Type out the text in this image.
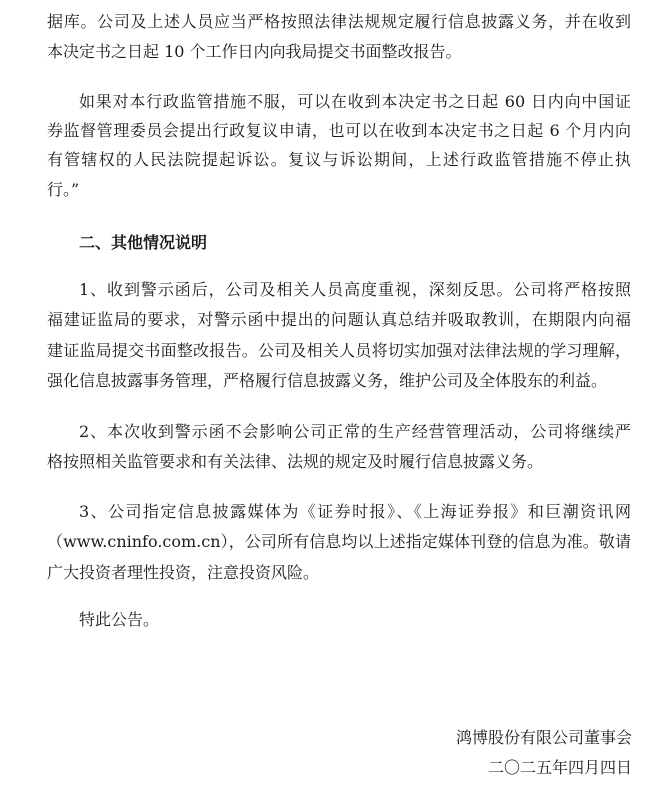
据库。公司及上述人员应当严格按照法律法规规定履行信息披露义务，并在收到
本决定书之日起 10 个工作日内向我局提交书面整改报告。
如果对本行政监管措施不服，可以在收到本决定书之日起 60 日内向中国证
券监督管理委员会提出行政复议申请，也可以在收到本决定书之日起 6 个月内向
有管辖权的人民法院提起诉讼。复议与诉讼期间，上述行政监管措施不停止执
行。”
二、其他情况说明
1、收到警示函后，公司及相关人员高度重视，深刻反思。公司将严格按照
福建证监局的要求，对警示函中提出的问题认真总结并吸取教训，在期限内向福
建证监局提交书面整改报告。公司及相关人员将切实加强对法律法规的学习理解，
强化信息披露事务管理，严格履行信息披露义务，维护公司及全体股东的利益。
2、本次收到警示函不会影响公司正常的生产经营管理活动，公司将继续严
格按照相关监管要求和有关法律、法规的规定及时履行信息披露义务。
3、公司指定信息披露媒体为《证券时报》、《上海证券报》和巨潮资讯网
（www.cninfo.com.cn），公司所有信息均以上述指定媒体刊登的信息为准。敬请
广大投资者理性投资，注意投资风险。
特此公告。
鸿博股份有限公司董事会
二〇二五年四月四日
